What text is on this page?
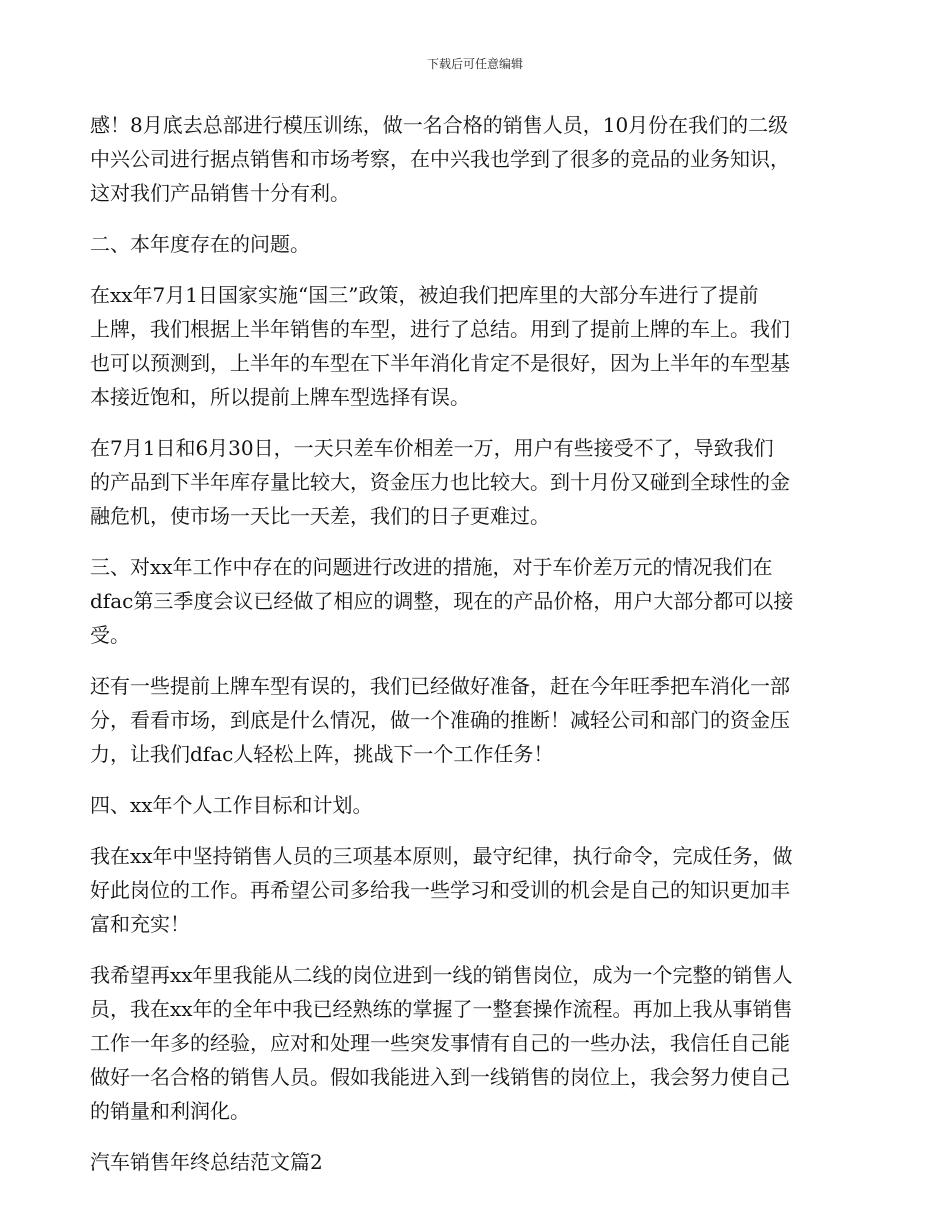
下载后可任意编辑

感！8月底去总部进行模压训练，做一名合格的销售人员，10月份在我们的二级
中兴公司进行据点销售和市场考察，在中兴我也学到了很多的竞品的业务知识，
这对我们产品销售十分有利。

二、本年度存在的问题。

在xx年7月1日国家实施“国三”政策，被迫我们把库里的大部分车进行了提前
上牌，我们根据上半年销售的车型，进行了总结。用到了提前上牌的车上。我们
也可以预测到，上半年的车型在下半年消化肯定不是很好，因为上半年的车型基
本接近饱和，所以提前上牌车型选择有误。

在7月1日和6月30日，一天只差车价相差一万，用户有些接受不了，导致我们
的产品到下半年库存量比较大，资金压力也比较大。到十月份又碰到全球性的金
融危机，使市场一天比一天差，我们的日子更难过。

三、对xx年工作中存在的问题进行改进的措施，对于车价差万元的情况我们在
dfac第三季度会议已经做了相应的调整，现在的产品价格，用户大部分都可以接
受。

还有一些提前上牌车型有误的，我们已经做好准备，赶在今年旺季把车消化一部
分，看看市场，到底是什么情况，做一个准确的推断！减轻公司和部门的资金压
力，让我们dfac人轻松上阵，挑战下一个工作任务！

四、xx年个人工作目标和计划。

我在xx年中坚持销售人员的三项基本原则，最守纪律，执行命令，完成任务，做
好此岗位的工作。再希望公司多给我一些学习和受训的机会是自己的知识更加丰
富和充实！

我希望再xx年里我能从二线的岗位进到一线的销售岗位，成为一个完整的销售人
员，我在xx年的全年中我已经熟练的掌握了一整套操作流程。再加上我从事销售
工作一年多的经验，应对和处理一些突发事情有自己的一些办法，我信任自己能
做好一名合格的销售人员。假如我能进入到一线销售的岗位上，我会努力使自己
的销量和利润化。

汽车销售年终总结范文篇2
